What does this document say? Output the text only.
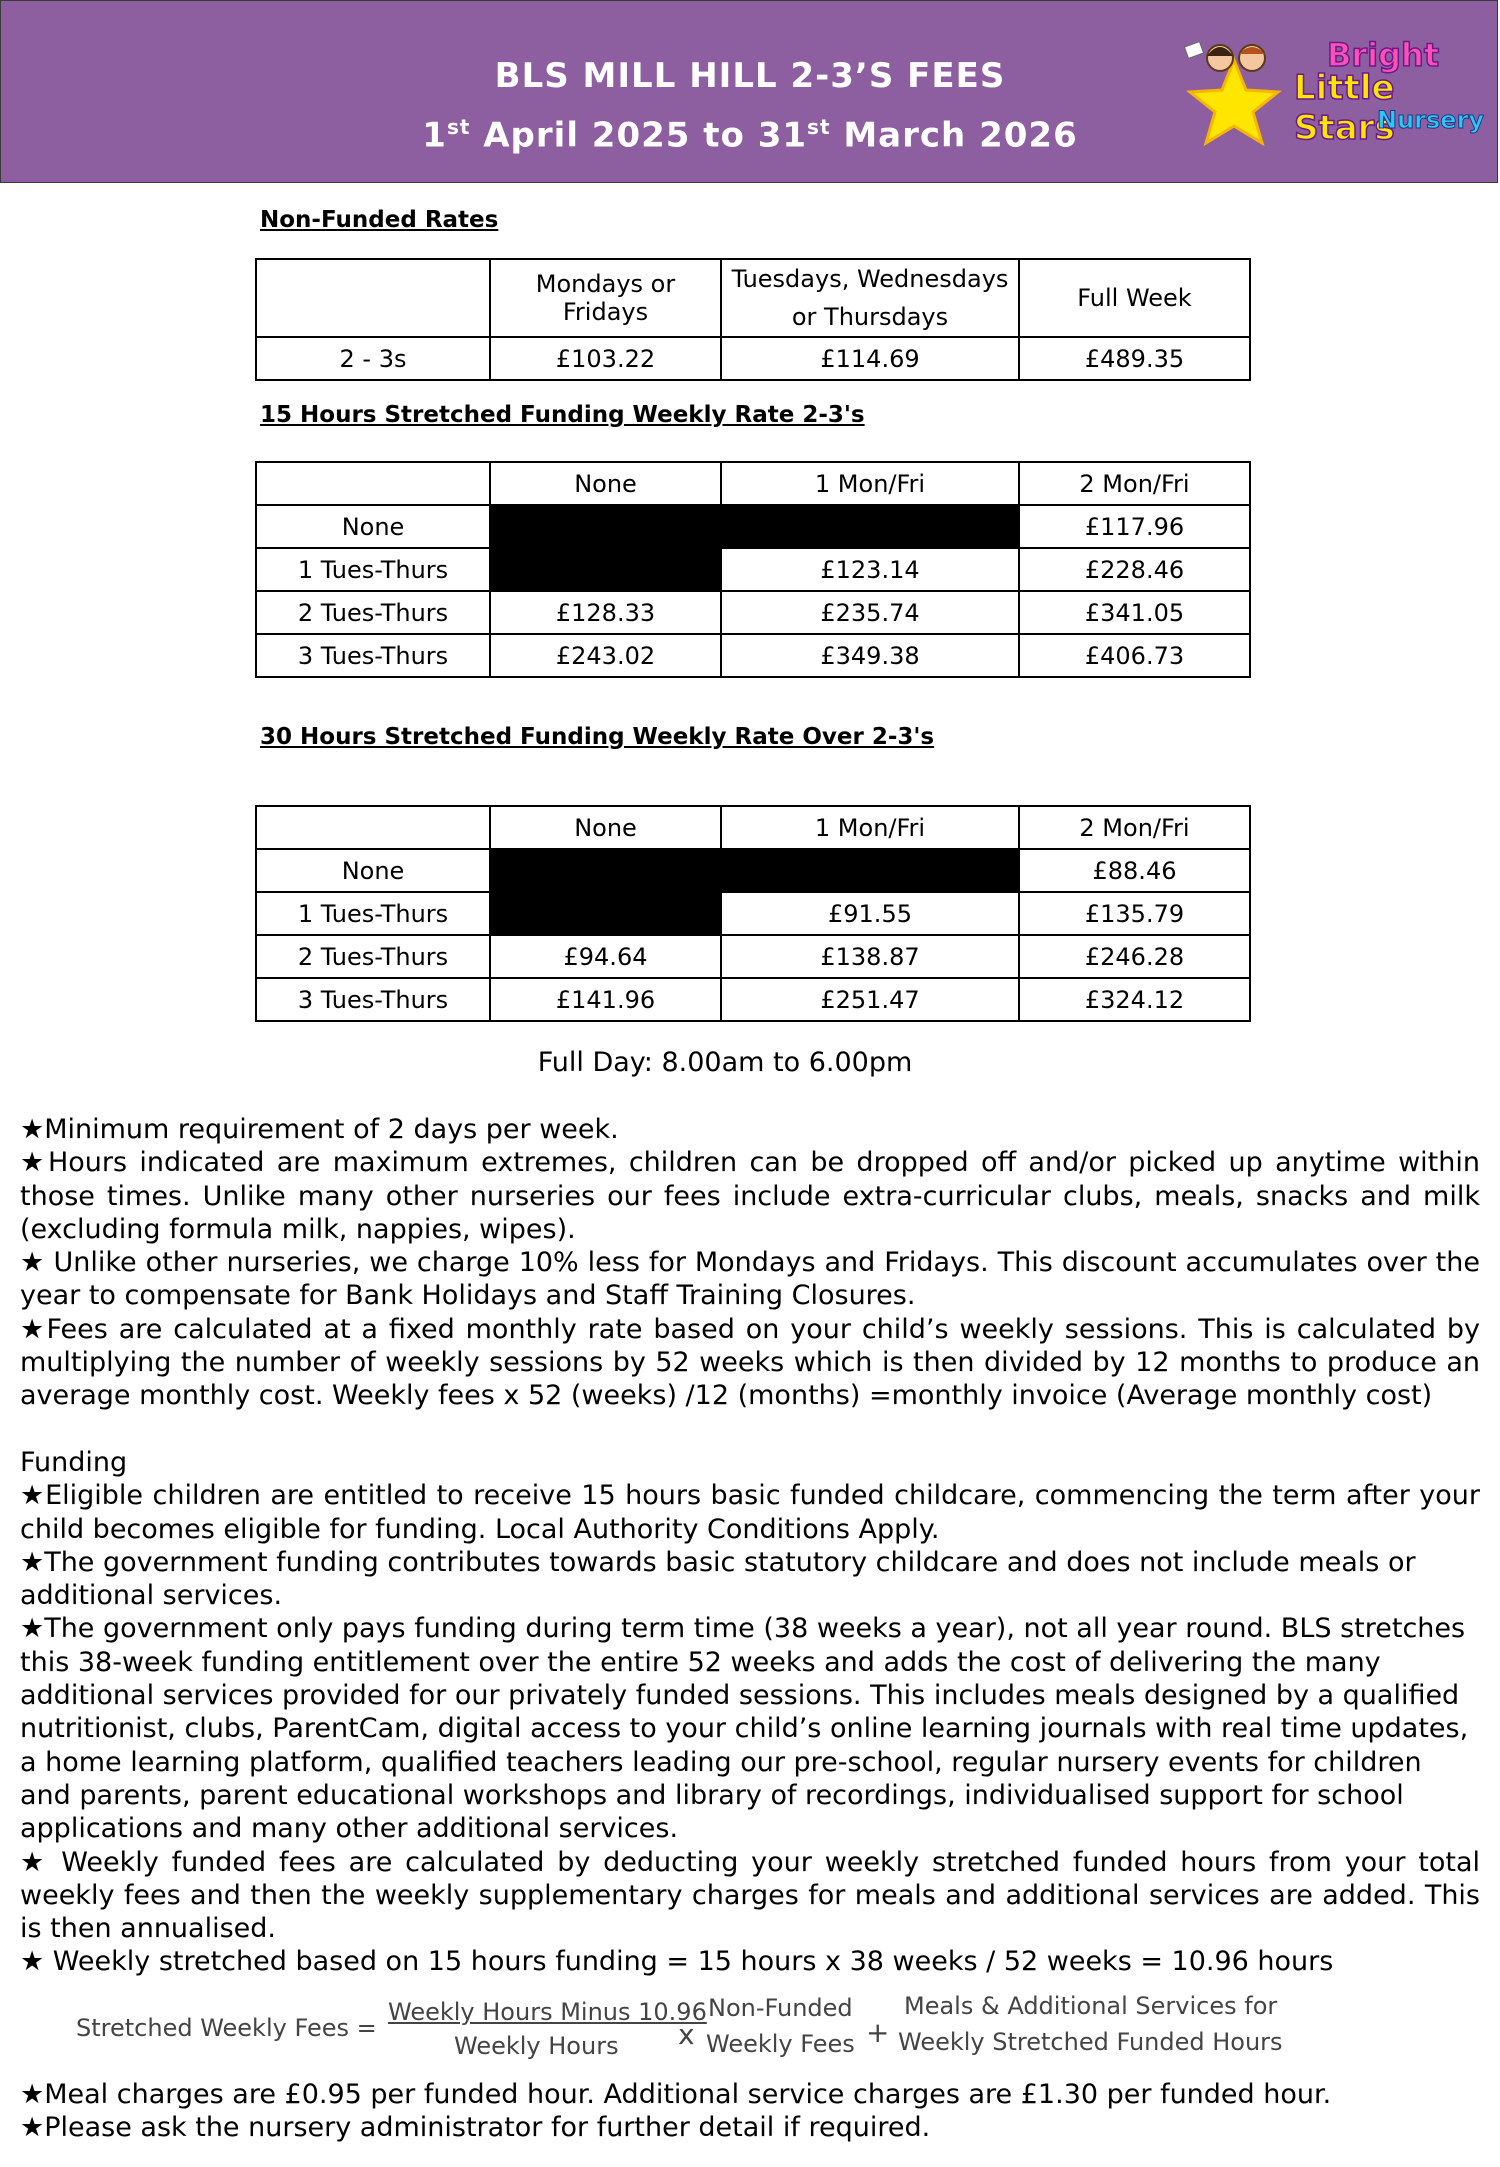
BLS MILL HILL 2-3’S FEES
1st April 2025 to 31st March 2026
Bright
Little Stars
Nursery
Non-Funded Rates
	Mondays or Fridays	Tuesdays, Wednesdays or Thursdays	Full Week
2 - 3s	£103.22	£114.69	£489.35
15 Hours Stretched Funding Weekly Rate 2-3's
	None	1 Mon/Fri	2 Mon/Fri
None			£117.96
1 Tues-Thurs		£123.14	£228.46
2 Tues-Thurs	£128.33	£235.74	£341.05
3 Tues-Thurs	£243.02	£349.38	£406.73
30 Hours Stretched Funding Weekly Rate Over 2-3's
	None	1 Mon/Fri	2 Mon/Fri
None			£88.46
1 Tues-Thurs		£91.55	£135.79
2 Tues-Thurs	£94.64	£138.87	£246.28
3 Tues-Thurs	£141.96	£251.47	£324.12
Full Day: 8.00am to 6.00pm

★Minimum requirement of 2 days per week.

★Hours indicated are maximum extremes, children can be dropped off and/or picked up anytime within those times. Unlike many other nurseries our fees include extra-curricular clubs, meals, snacks and milk (excluding formula milk, nappies, wipes).

★ Unlike other nurseries, we charge 10% less for Mondays and Fridays. This discount accumulates over the year to compensate for Bank Holidays and Staff Training Closures.

★Fees are calculated at a fixed monthly rate based on your child’s weekly sessions. This is calculated by multiplying the number of weekly sessions by 52 weeks which is then divided by 12 months to produce an average monthly cost. Weekly fees x 52 (weeks) /12 (months) =monthly invoice (Average monthly cost)

Funding

★Eligible children are entitled to receive 15 hours basic funded childcare, commencing the term after your child becomes eligible for funding. Local Authority Conditions Apply.

★The government funding contributes towards basic statutory childcare and does not include meals or additional services.

★The government only pays funding during term time (38 weeks a year), not all year round. BLS stretches this 38-week funding entitlement over the entire 52 weeks and adds the cost of delivering the many additional services provided for our privately funded sessions. This includes meals designed by a qualified nutritionist, clubs, ParentCam, digital access to your child’s online learning journals with real time updates, a home learning platform, qualified teachers leading our pre-school, regular nursery events for children and parents, parent educational workshops and library of recordings, individualised support for school applications and many other additional services.

★ Weekly funded fees are calculated by deducting your weekly stretched funded hours from your total weekly fees and then the weekly supplementary charges for meals and additional services are added. This is then annualised.

★ Weekly stretched based on 15 hours funding = 15 hours x 38 weeks / 52 weeks = 10.96 hours

Stretched Weekly Fees =
Weekly Hours Minus 10.96
Weekly Hours x
Non-Funded
Weekly Fees +
Meals & Additional Services for
Weekly Stretched Funded Hours

★Meal charges are £0.95 per funded hour. Additional service charges are £1.30 per funded hour.

★Please ask the nursery administrator for further detail if required.
